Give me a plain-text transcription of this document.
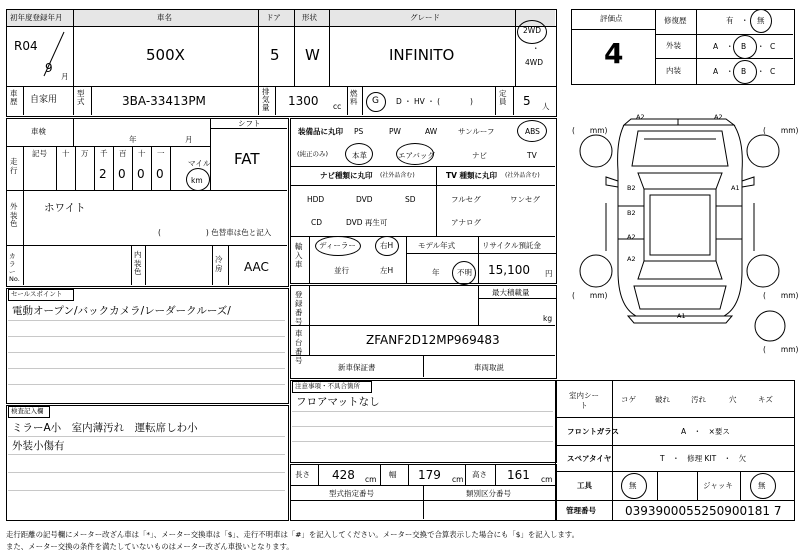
初年度登録年月	車名	ドア	形状	グレード
R04
9
月
500X	5 W	INFINITO
2WD
・
4WD
車歴 自家用
型式	3BA-33413PM
排気量 1300 cc
燃料 G D ・ HV ・ (　　　　)
定員 5 人
評価点
4
修復歴	有　・ 無
外装	A ・ B ・ C
内装	A ・ B ・ C
車検
年	月
シフト
FAT
走行
記号 十 万 千 百 十 一
マイル
2 0 0 0	km
外装色
ホワイト
(　　　　　　) 色替車は色と記入
カラーNo.
内装色
冷房 AAC
装備品に丸印
(純正のみ)
PS	PW	AW	サンルーフ	ABS
本革	エアバッグ	ナビ	TV
ナビ種類に丸印 (社外品含む)
HDD	DVD	SD
CD	DVD 再生可
TV 種類に丸印 (社外品含む)
フルセグ	ワンセグ
アナログ
輸入車
ディーラー
並行
右H
左H
モデル年式
年 不明
リサイクル預託金
15,100 円
登録番号
最大積載量
kg
車台番号
ZFANF2D12MP969483
新車保証書	車両取説
セールスポイント
電動オープン/バックカメラ/レーダークルーズ/
注意事項・不具合箇所
フロアマットなし
検査記入欄
ミラーA小　室内薄汚れ　運転席しわ小
外装小傷有
長さ 428 cm
幅 179 cm
高さ 161 cm
型式指定番号	類別区分番号
室内シート
コゲ	破れ	汚れ	穴	キズ
フロントガラス	A　・　×要ス
スペアタイヤ	T　・　修理 KIT　・　欠
工具	無	ジャッキ	無
管理番号 0393900055250900181 7
A2	A2
B2	A1
B2
A2
A2
A1
(　　mm)	(　　mm)
(　　mm)	(　　mm)
(　　mm)
走行距離の記号欄にメーター改ざん車は「*」、メーター交換車は「$」、走行不明車は「#」を記入してください。メーター交換で合算表示した場合にも「$」を記入します。
また、メーター交換の条件を満たしていないものはメーター改ざん車扱いとなります。
